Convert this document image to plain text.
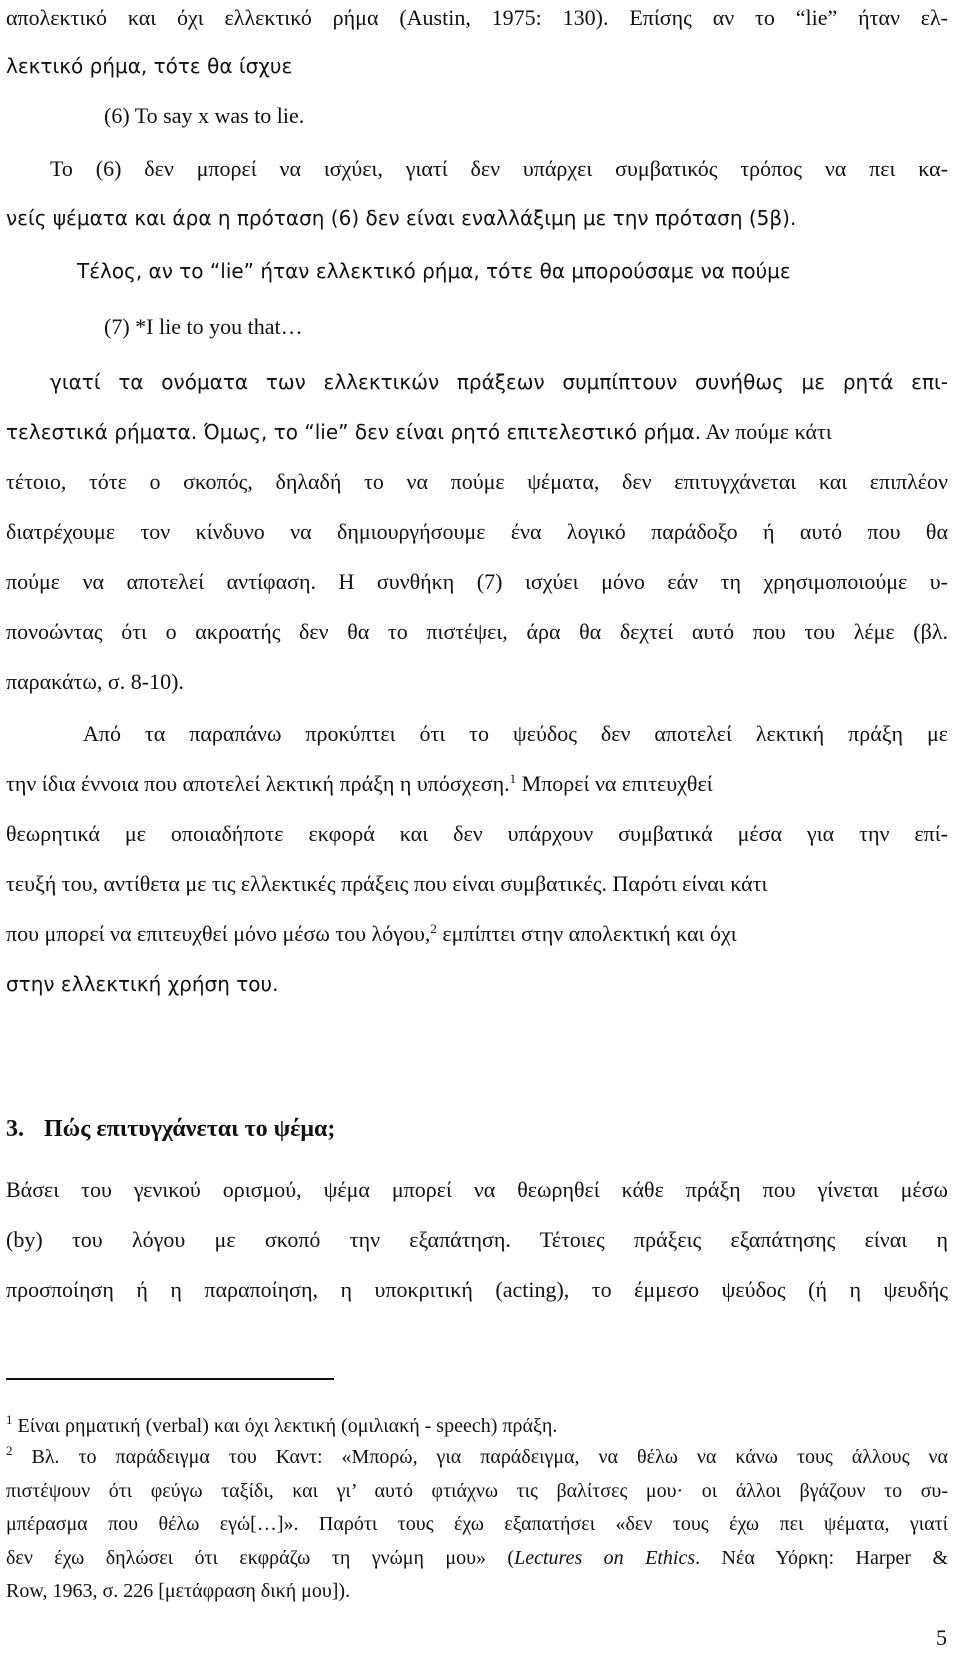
απολεκτικό και όχι ελλεκτικό ρήμα (Austin, 1975: 130). Επίσης αν το “lie” ήταν ελ-
λεκτικό ρήμα, τότε θα ίσχυε
(6) To say x was to lie.
To (6) δεν μπορεί να ισχύει, γιατί δεν υπάρχει συμβατικός τρόπος να πει κα-
νείς ψέματα και άρα η πρόταση (6) δεν είναι εναλλάξιμη με την πρόταση (5β).
Τέλος, αν το “lie” ήταν ελλεκτικό ρήμα, τότε θα μπορούσαμε να πούμε
(7) *I lie to you that…
γιατί τα ονόματα των ελλεκτικών πράξεων συμπίπτουν συνήθως με ρητά επι-
τελεστικά ρήματα. Όμως, το “lie” δεν είναι ρητό επιτελεστικό ρήμα. Αν πούμε κάτι
τέτοιο, τότε ο σκοπός, δηλαδή το να πούμε ψέματα, δεν επιτυγχάνεται και επιπλέον
διατρέχουμε τον κίνδυνο να δημιουργήσουμε ένα λογικό παράδοξο ή αυτό που θα
πούμε να αποτελεί αντίφαση. Η συνθήκη (7) ισχύει μόνο εάν τη χρησιμοποιούμε υ-
πονοώντας ότι ο ακροατής δεν θα το πιστέψει, άρα θα δεχτεί αυτό που του λέμε (βλ.
παρακάτω, σ. 8-10).
Από τα παραπάνω προκύπτει ότι το ψεύδος δεν αποτελεί λεκτική πράξη με
την ίδια έννοια που αποτελεί λεκτική πράξη η υπόσχεση.$^1$ Μπορεί να επιτευχθεί
θεωρητικά με οποιαδήποτε εκφορά και δεν υπάρχουν συμβατικά μέσα για την επί-
τευξή του, αντίθετα με τις ελλεκτικές πράξεις που είναι συμβατικές. Παρότι είναι κάτι
που μπορεί να επιτευχθεί μόνο μέσω του λόγου,$^2$ εμπίπτει στην απολεκτική και όχι
στην ελλεκτική χρήση του.
3. Πώς επιτυγχάνεται το ψέμα;
Βάσει του γενικού ορισμού, ψέμα μπορεί να θεωρηθεί κάθε πράξη που γίνεται μέσω
(by) του λόγου με σκοπό την εξαπάτηση. Τέτοιες πράξεις εξαπάτησης είναι η
προσποίηση ή η παραποίηση, η υποκριτική (acting), το έμμεσο ψεύδος (ή η ψευδής
$^1$ Είναι ρηματική (verbal) και όχι λεκτική (ομιλιακή - speech) πράξη.
$^2$ Βλ. το παράδειγμα του Καντ: «Μπορώ, για παράδειγμα, να θέλω να κάνω τους άλλους να
πιστέψουν ότι φεύγω ταξίδι, και γι’ αυτό φτιάχνω τις βαλίτσες μου· οι άλλοι βγάζουν το συ-
μπέρασμα που θέλω εγώ[…]». Παρότι τους έχω εξαπατήσει «δεν τους έχω πει ψέματα, γιατί
δεν έχω δηλώσει ότι εκφράζω τη γνώμη μου» (Lectures on Ethics. Νέα Υόρκη: Harper &
Row, 1963, σ. 226 [μετάφραση δική μου]).
5
